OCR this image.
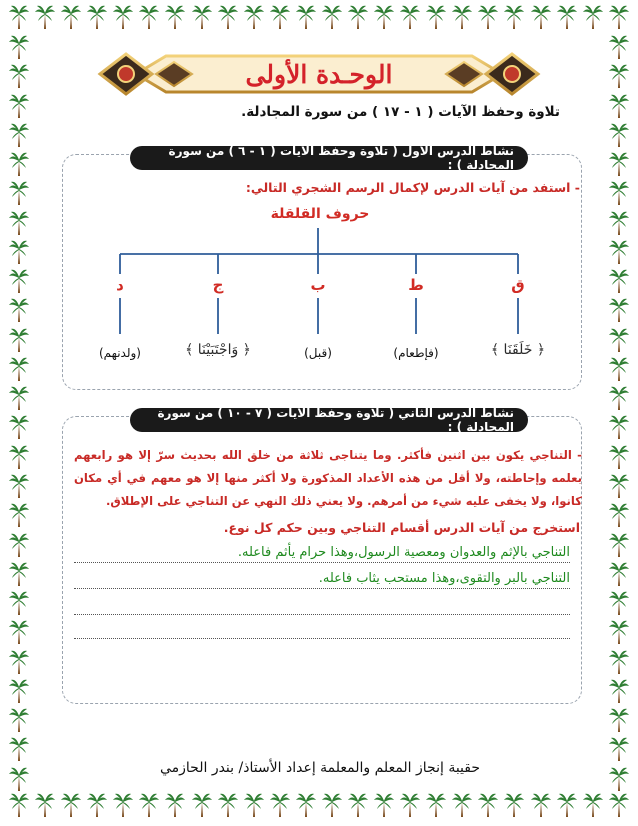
الوحـدة الأولى
تلاوة وحفظ الآيات ( ١ - ١٧ ) من سورة المجادلة.
نشاط الدرس الأول ( تلاوة وحفظ الآيات ( ١ - ٦ ) من سورة المجادلة ) :
- استفد من آيات الدرس لإكمال الرسم الشجري التالي:
حروف القلقلة
ق
ط
ب
ج
د
﴿ خَلَقَنَا ﴾
(فإطعام)
(قبل)
﴿ وَاجْتَبَيْنَا ﴾
(ولدنهم)
نشاط الدرس الثاني ( تلاوة وحفظ الآيات ( ٧ - ١٠ ) من سورة المجادلة ) :
- التناجي يكون بين اثنين فأكثر. وما يتناجى ثلاثة من خلق الله بحديث سرّ إلا هو رابعهم بعلمه وإحاطته، ولا أقل من هذه الأعداد المذكورة ولا أكثر منها إلا هو معهم في أي مكان كانوا، ولا يخفى عليه شيء من أمرهم. ولا يعني ذلك النهي عن التناجي على الإطلاق.
استخرج من آيات الدرس أقسام التناجي وبين حكم كل نوع.
التناجي بالإثم والعدوان ومعصية الرسول،وهذا حرام يأثم فاعله.
التناجي بالبر والتقوى،وهذا مستحب يثاب فاعله.
حقيبة إنجاز المعلم والمعلمة إعداد الأستاذ/ بندر الحازمي
